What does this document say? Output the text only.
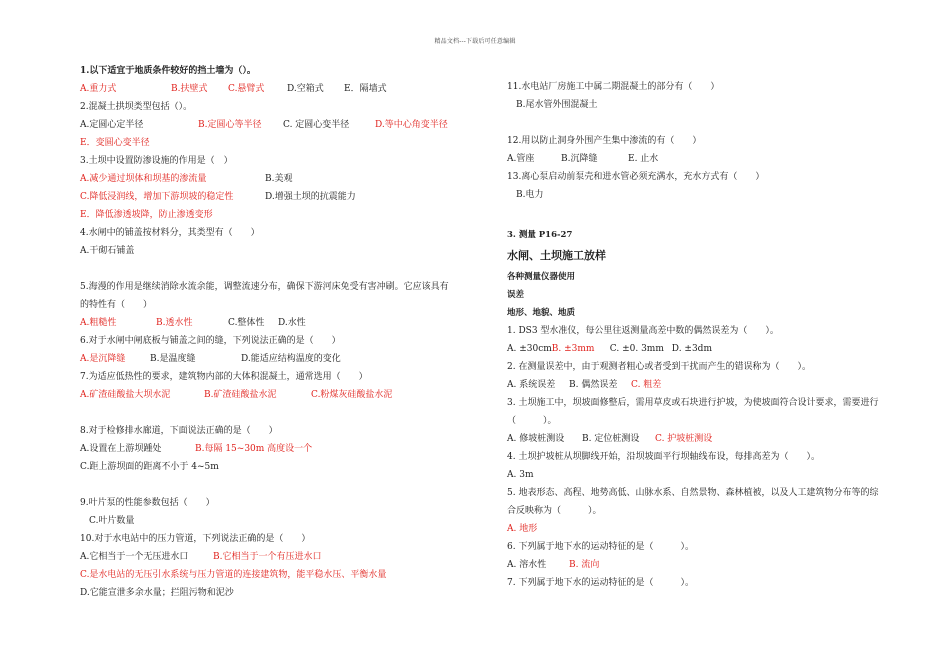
精品文档---下载后可任意编辑
1.以下适宜于地质条件较好的挡土墙为（）。
A.重力式	B.扶壁式 C.悬臂式	D.空箱式 E．隔墙式
2.混凝土拱坝类型包括（）。
A.定圆心定半径	B.定圆心等半径 C. 定圆心变半径	D.等中心角变半径
E．变圆心变半径
3.土坝中设置防渗设施的作用是（　）
A.减少通过坝体和坝基的渗流量	B.美观
C.降低浸润线，增加下游坝坡的稳定性	D.增强土坝的抗震能力
E．降低渗透坡降，防止渗透变形
4.水闸中的铺盖按材料分，其类型有（　　）
A.干砌石铺盖
5.海漫的作用是继续消除水流余能，调整流速分布，确保下游河床免受有害冲刷。它应该具有
的特性有（　　）
A.粗糙性	B.透水性	C.整体性 D.水性
6.对于水闸中闸底板与铺盖之间的缝，下列说法正确的是（　　）
A.是沉降缝	B.是温度缝	D.能适应结构温度的变化
7.为适应低热性的要求，建筑物内部的大体积混凝土，通常选用（　　）
A.矿渣硅酸盐大坝水泥	B.矿渣硅酸盐水泥	C.粉煤灰硅酸盐水泥
8.对于检修排水廊道，下面说法正确的是（　　）
A.设置在上游坝踵处	B.每隔 15~30m 高度设一个
C.距上游坝面的距离不小于 4~5m
9.叶片泵的性能参数包括（　　）
C.叶片数量
10.对于水电站中的压力管道，下列说法正确的是（　　）
A.它相当于一个无压进水口	B.它相当于一个有压进水口
C.是水电站的无压引水系统与压力管道的连接建筑物，能平稳水压、平衡水量
D.它能宣泄多余水量；拦阻污物和泥沙
11.水电站厂房施工中属二期混凝土的部分有（　　）
B.尾水管外围混凝土
12.用以防止洞身外围产生集中渗流的有（　　）
A.管座	B.沉降缝	E. 止水
13.离心泵启动前泵壳和进水管必须充满水，充水方式有（　　）
B.电力
3. 测量 P16-27
水闸、土坝施工放样
各种测量仪器使用
误差
地形、地貌、地质
1. DS3 型水准仪，每公里往返测量高差中数的偶然误差为（　　）。
A. ±30cmB. ±3mm C. ±0. 3mm D. ±3dm
2. 在测量误差中，由于观测者粗心或者受到干扰而产生的错误称为（　　）。
A. 系统误差 B. 偶然误差 C. 粗差
3. 土坝施工中，坝坡面修整后，需用草皮或石块进行护坡，为使坡面符合设计要求，需要进行
（　　　）。
A. 修坡桩测设 B. 定位桩测设 C. 护坡桩测设
4. 土坝护坡桩从坝脚线开始，沿坝坡面平行坝轴线布设，每排高差为（　　）。
A. 3m
5. 地表形态、高程、地势高低、山脉水系、自然景物、森林植被，以及人工建筑物分布等的综
合反映称为（　　　）。
A. 地形
6. 下列属于地下水的运动特征的是（　　　）。
A. 溶水性	B. 流向
7. 下列属于地下水的运动特征的是（　　　）。
